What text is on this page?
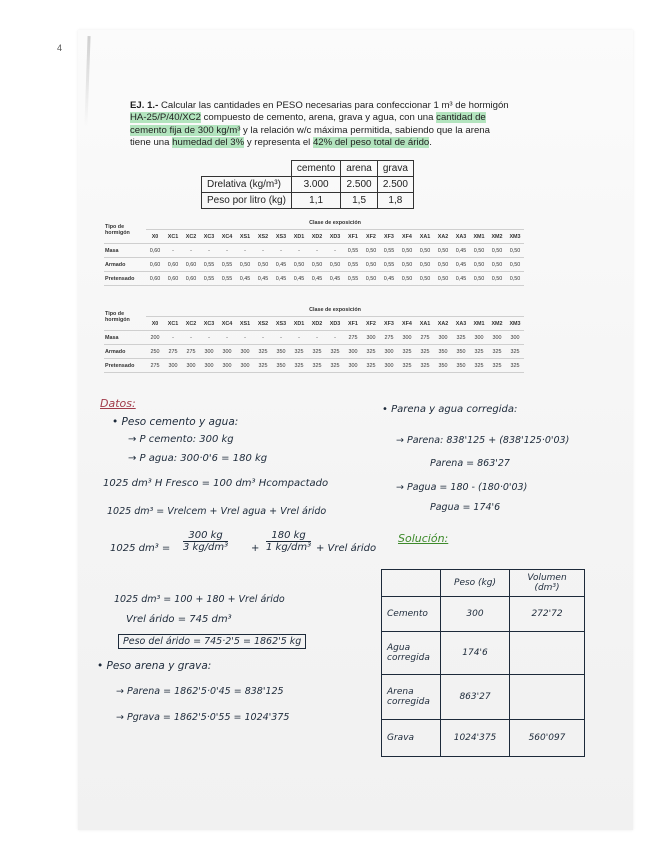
4
EJ. 1.- Calcular las cantidades en PESO necesarias para confeccionar 1 m³ de hormigón
HA-25/P/40/XC2 compuesto de cemento, arena, grava y agua, con una cantidad de
cemento fija de 300 kg/m³ y la relación w/c máxima permitida, sabiendo que la arena
tiene una humedad del 3% y representa el 42% del peso total de árido.
	cemento	arena	grava
Drelativa (kg/m³)	3.000	2.500	2.500
Peso por litro (kg)	1,1	1,5	1,8
Tipo de hormigón	Clase de exposición																				
	X0	XC1	XC2	XC3	XC4	XS1	XS2	XS3	XD1	XD2	XD3	XF1	XF2	XF3	XF4	XA1	XA2	XA3	XM1	XM2	XM3
Masa	0,60	-	-	-	-	-	-	-	-	-	-	0,55	0,50	0,55	0,50	0,50	0,50	0,45	0,50	0,50	0,50
Armado	0,60	0,60	0,60	0,55	0,55	0,50	0,50	0,45	0,50	0,50	0,50	0,55	0,50	0,55	0,50	0,50	0,50	0,45	0,50	0,50	0,50
Pretensado	0,60	0,60	0,60	0,55	0,55	0,45	0,45	0,45	0,45	0,45	0,45	0,55	0,50	0,45	0,50	0,50	0,50	0,45	0,50	0,50	0,50
Tipo de hormigón	Clase de exposición																				
	X0	XC1	XC2	XC3	XC4	XS1	XS2	XS3	XD1	XD2	XD3	XF1	XF2	XF3	XF4	XA1	XA2	XA3	XM1	XM2	XM3
Masa	200	-	-	-	-	-	-	-	-	-	-	275	300	275	300	275	300	325	300	300	300
Armado	250	275	275	300	300	300	325	350	325	325	325	300	325	300	325	325	350	350	325	325	325
Pretensado	275	300	300	300	300	300	325	350	325	325	325	300	325	300	325	325	350	350	325	325	325
Datos:
• Peso cemento y agua:
→ P cemento: 300 kg
→ P agua: 300·0'6 = 180 kg
1025 dm³ H Fresco = 100 dm³ Hcompactado
1025 dm³ = Vrelcem + Vrel agua + Vrel árido
1025 $dm^3 = \frac{300 kg}{\text{3 kg/dm³}} + \frac{180 kg}{\text{1 kg/dm³}}$ + Vrel árido
1025 dm³ = 100 + 180 + Vrel árido
Vrel árido = 745 dm³
Peso del árido = 745·2'5 = 1862'5 kg
• Peso arena y grava:
→ Parena = 1862'5·0'45 = 838'125
→ Pgrava = 1862'5·0'55 = 1024'375
• Parena y agua corregida:
→ Parena: 838'125 + (838'125·0'03)
Parena = 863'27
→ Pagua = 180 - (180·0'03)
Pagua = 174'6
Solución:
	Peso (kg)	Volumen (dm³)
Cemento	300	272'72
Agua corregida	174'6	
Arena corregida	863'27	
Grava	1024'375	560'097
